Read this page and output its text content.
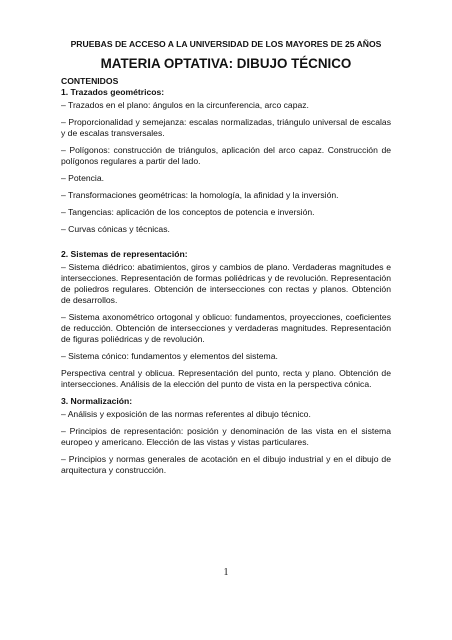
PRUEBAS DE ACCESO A LA UNIVERSIDAD DE LOS MAYORES DE 25 AÑOS

MATERIA OPTATIVA: DIBUJO TÉCNICO

CONTENIDOS

1. Trazados geométricos:

– Trazados en el plano: ángulos en la circunferencia, arco capaz.

– Proporcionalidad y semejanza: escalas normalizadas, triángulo universal de escalas y de escalas transversales.

– Polígonos: construcción de triángulos, aplicación del arco capaz. Construcción de polígonos regulares a partir del lado.

– Potencia.

– Transformaciones geométricas: la homología, la afinidad y la inversión.

– Tangencias: aplicación de los conceptos de potencia e inversión.

– Curvas cónicas y técnicas.

2. Sistemas de representación:

– Sistema diédrico: abatimientos, giros y cambios de plano. Verdaderas magnitudes e intersecciones. Representación de formas poliédricas y de revolución. Representación de poliedros regulares. Obtención de intersecciones con rectas y planos. Obtención de desarrollos.

– Sistema axonométrico ortogonal y oblicuo: fundamentos, proyecciones, coeficientes de reducción. Obtención de intersecciones y verdaderas magnitudes. Representación de figuras poliédricas y de revolución.

– Sistema cónico: fundamentos y elementos del sistema.

Perspectiva central y oblicua. Representación del punto, recta y plano. Obtención de intersecciones. Análisis de la elección del punto de vista en la perspectiva cónica.

3. Normalización:

– Análisis y exposición de las normas referentes al dibujo técnico.

– Principios de representación: posición y denominación de las vista en el sistema europeo y americano. Elección de las vistas y vistas particulares.

– Principios y normas generales de acotación en el dibujo industrial y en el dibujo de arquitectura y construcción.

1
